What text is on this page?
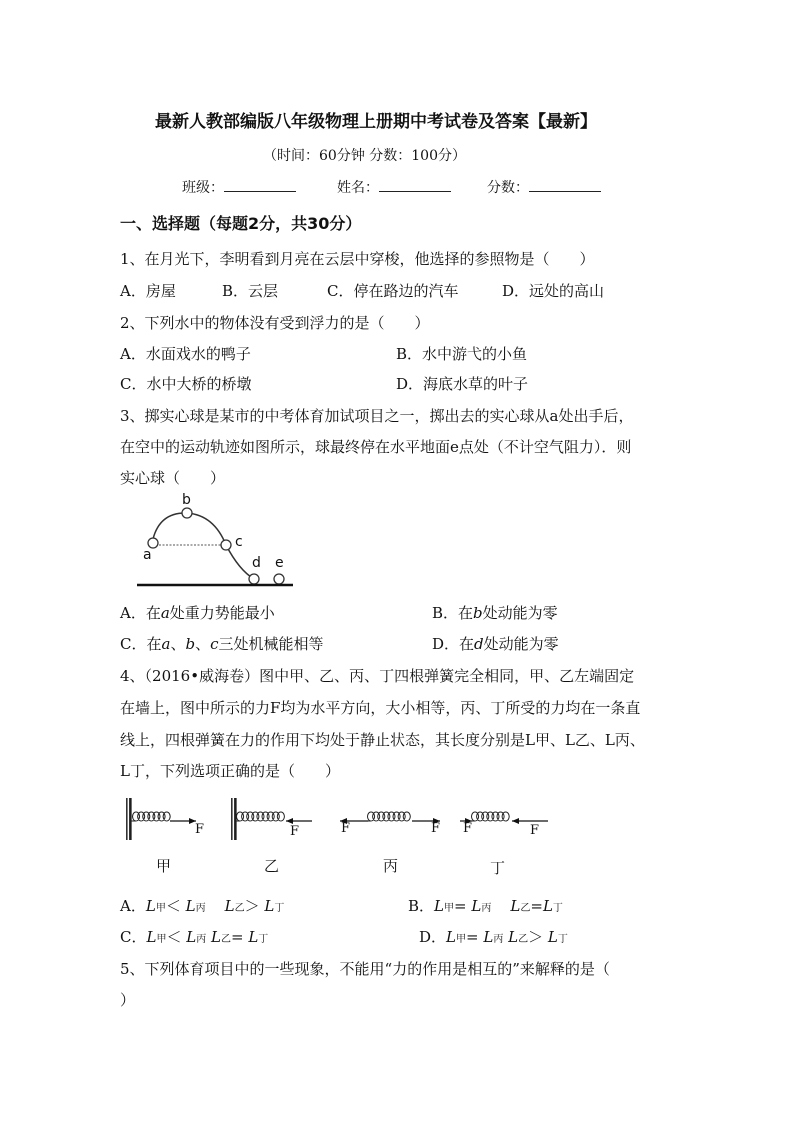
最新人教部编版八年级物理上册期中考试卷及答案【最新】
（时间：60分钟 分数：100分）
班级：	姓名：	分数：
一、选择题（每题2分，共30分）
1、在月光下，李明看到月亮在云层中穿梭，他选择的参照物是（　　）
A．房屋	B．云层	C．停在路边的汽车	D．远处的高山
2、下列水中的物体没有受到浮力的是（　　）
A．水面戏水的鸭子	B．水中游弋的小鱼
C．水中大桥的桥墩	D．海底水草的叶子
3、掷实心球是某市的中考体育加试项目之一，掷出去的实心球从a处出手后，
在空中的运动轨迹如图所示，球最终停在水平地面e点处（不计空气阻力）．则
实心球（　　）
a
b
c
d e
A．在a处重力势能最小	B．在b处动能为零
C．在a、b、c三处机械能相等	D．在d处动能为零
4、（2016•威海卷）图中甲、乙、丙、丁四根弹簧完全相同，甲、乙左端固定
在墙上，图中所示的力F均为水平方向，大小相等，丙、丁所受的力均在一条直
线上，四根弹簧在力的作用下均处于静止状态，其长度分别是L甲、L乙、L丙、
L丁，下列选项正确的是（　　）
F	F	F	F F	F
甲	乙	丙	丁
A．L甲＜ L丙 L乙＞ L丁	B．L甲= L丙 L乙=L丁
C．L甲＜ L丙 L乙= L丁	D．L甲= L丙 L乙＞ L丁
5、下列体育项目中的一些现象，不能用“力的作用是相互的”来解释的是（
）
